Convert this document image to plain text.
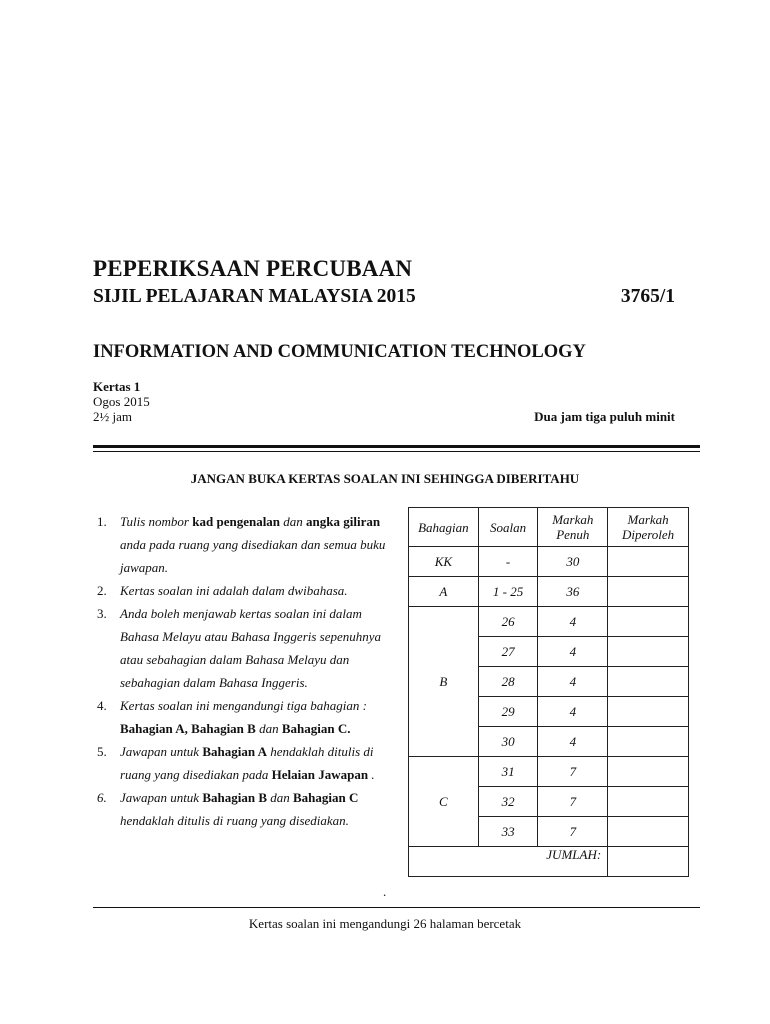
PEPERIKSAAN PERCUBAAN
SIJIL PELAJARAN MALAYSIA 2015	3765/1
INFORMATION AND COMMUNICATION TECHNOLOGY
Kertas 1
Ogos 2015
2½ jam	Dua jam tiga puluh minit
JANGAN BUKA KERTAS SOALAN INI SEHINGGA DIBERITAHU
1.	Tulis nombor kad pengenalan dan angka giliran anda pada ruang yang disediakan dan semua buku jawapan.
2.	Kertas soalan ini adalah dalam dwibahasa.
3.	Anda boleh menjawab kertas soalan ini dalam Bahasa Melayu atau Bahasa Inggeris sepenuhnya atau sebahagian dalam Bahasa Melayu dan sebahagian dalam Bahasa Inggeris.
4.	Kertas soalan ini mengandungi tiga bahagian : Bahagian A, Bahagian B dan Bahagian C.
5.	Jawapan untuk Bahagian A hendaklah ditulis di ruang yang disediakan pada Helaian Jawapan .
6.	Jawapan untuk Bahagian B dan Bahagian C hendaklah ditulis di ruang yang disediakan.
Bahagian	Soalan	Markah Penuh	Markah Diperoleh

KK	-	30	
A	1 - 25	36	
B	26	4	
	27	4	
	28	4	
	29	4	
	30	4	
C	31	7	
	32	7	
	33	7	
JUMLAH:			
.
Kertas soalan ini mengandungi 26 halaman bercetak
